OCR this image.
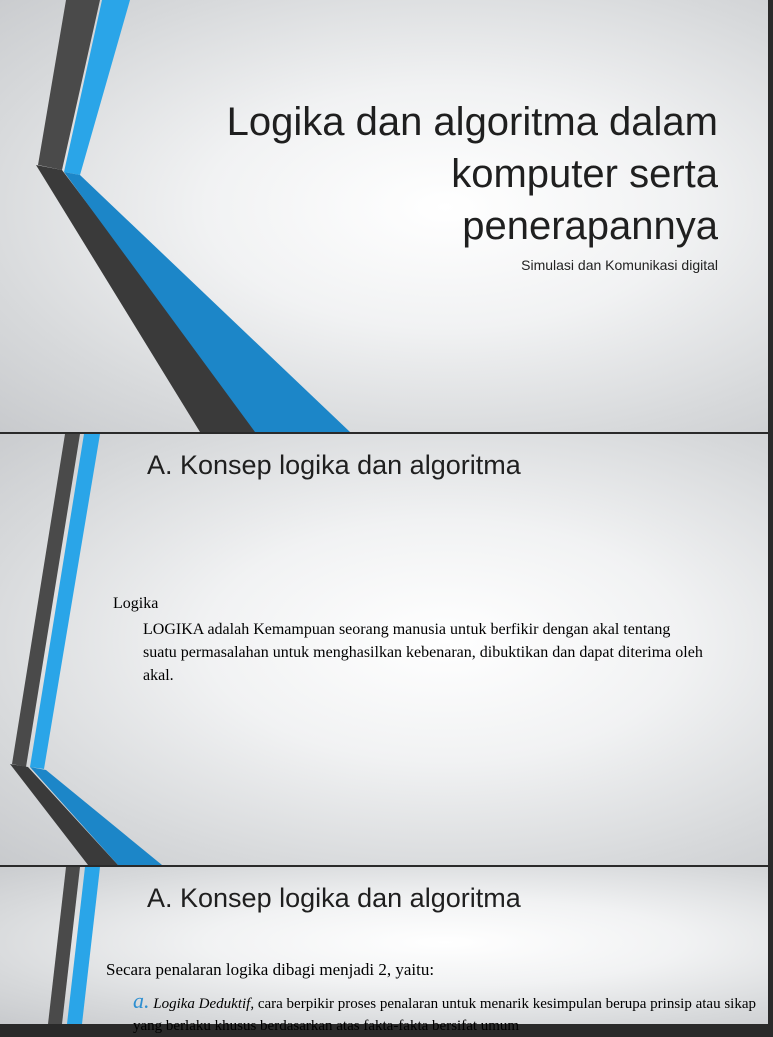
Logika dan algoritma dalam
komputer serta
penerapannya
Simulasi dan Komunikasi digital
A. Konsep logika dan algoritma
Logika
LOGIKA adalah Kemampuan seorang manusia untuk berfikir dengan akal tentang suatu permasalahan untuk menghasilkan kebenaran, dibuktikan dan dapat diterima oleh akal.
A. Konsep logika dan algoritma
Secara penalaran logika dibagi menjadi 2, yaitu:
a. Logika Deduktif, cara berpikir proses penalaran untuk menarik kesimpulan berupa prinsip atau sikap yang berlaku khusus berdasarkan atas fakta-fakta bersifat umum
